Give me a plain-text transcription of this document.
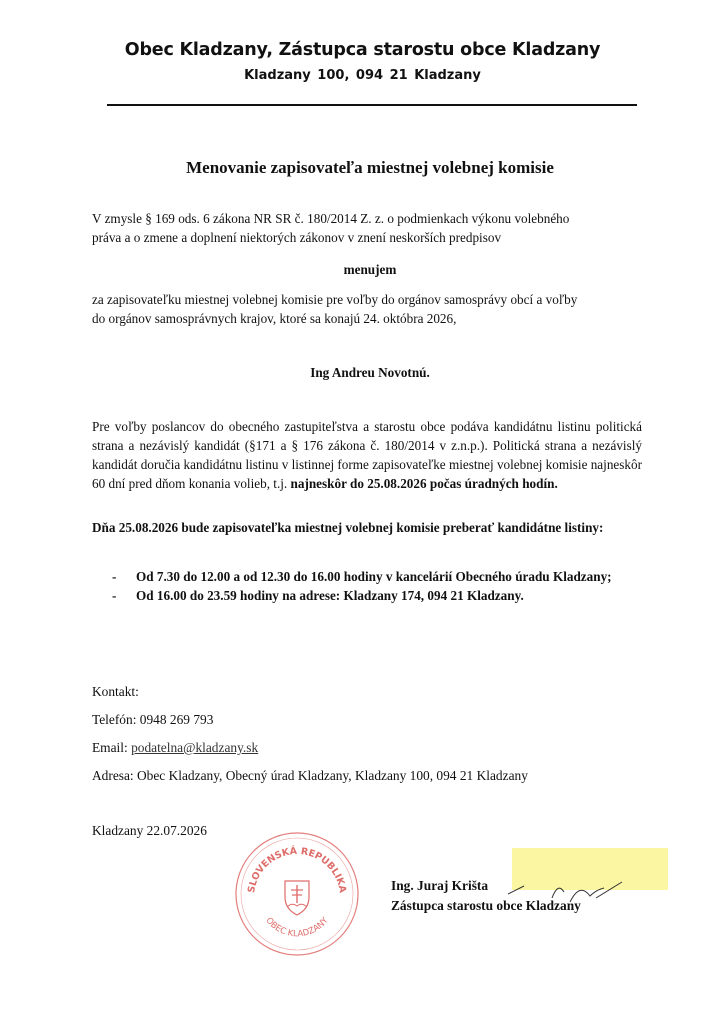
Obec Kladzany, Zástupca starostu obce Kladzany
Kladzany 100, 094 21 Kladzany
Menovanie zapisovateľa miestnej volebnej komisie
V zmysle § 169 ods. 6 zákona NR SR č. 180/2014 Z. z. o podmienkach výkonu volebného
práva a o zmene a doplnení niektorých zákonov v znení neskorších predpisov
menujem
za zapisovateľku miestnej volebnej komisie pre voľby do orgánov samosprávy obcí a voľby
do orgánov samosprávnych krajov, ktoré sa konajú 24. októbra 2026,
Ing Andreu Novotnú.
Pre voľby poslancov do obecného zastupiteľstva a starostu obce podáva kandidátnu listinu politická strana a nezávislý kandidát (§171 a § 176 zákona č. 180/2014 v z.n.p.). Politická strana a nezávislý kandidát doručia kandidátnu listinu v listinnej forme zapisovateľke miestnej volebnej komisie najneskôr 60 dní pred dňom konania volieb, t.j. najneskôr do 25.08.2026 počas úradných hodín.
Dňa 25.08.2026 bude zapisovateľka miestnej volebnej komisie preberať kandidátne listiny:
- Od 7.30 do 12.00 a od 12.30 do 16.00 hodiny v kancelárií Obecného úradu Kladzany;
- Od 16.00 do 23.59 hodiny na adrese: Kladzany 174, 094 21 Kladzany.
Kontakt:
Telefón: 0948 269 793
Email: podatelna@kladzany.sk
Adresa: Obec Kladzany, Obecný úrad Kladzany, Kladzany 100, 094 21 Kladzany
Kladzany 22.07.2026
SLOVENSKÁ REPUBLIKA
OBEC KLADZANY
Ing. Juraj Krišta
Zástupca starostu obce Kladzany
